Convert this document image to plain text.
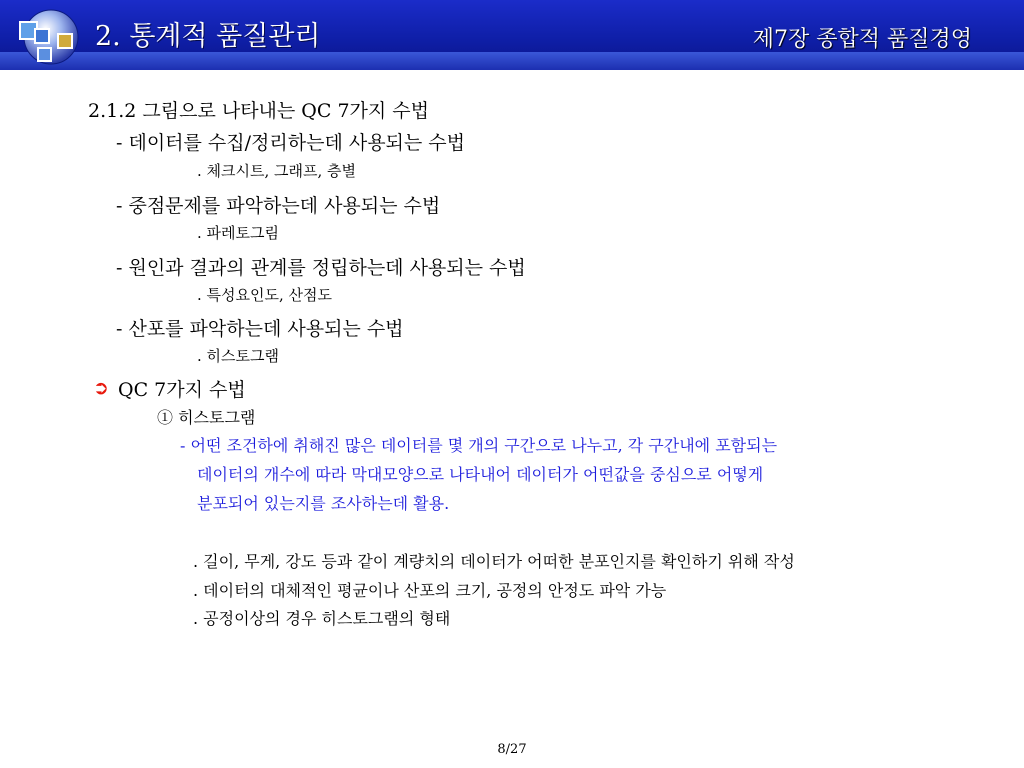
2. 통계적 품질관리	제7장 종합적 품질경영
2.1.2 그림으로 나타내는 QC 7가지 수법
- 데이터를 수집/정리하는데 사용되는 수법
. 체크시트, 그래프, 층별
- 중점문제를 파악하는데 사용되는 수법
. 파레토그림
- 원인과 결과의 관계를 정립하는데 사용되는 수법
. 특성요인도, 산점도
- 산포를 파악하는데 사용되는 수법
. 히스토그램
➲ QC 7가지 수법
① 히스토그램
- 어떤 조건하에 취해진 많은 데이터를 몇 개의 구간으로 나누고, 각 구간내에 포함되는
데이터의 개수에 따라 막대모양으로 나타내어 데이터가 어떤값을 중심으로 어떻게
분포되어 있는지를 조사하는데 활용.
. 길이, 무게, 강도 등과 같이 계량치의 데이터가 어떠한 분포인지를 확인하기 위해 작성
. 데이터의 대체적인 평균이나 산포의 크기, 공정의 안정도 파악 가능
. 공정이상의 경우 히스토그램의 형태
8/27
